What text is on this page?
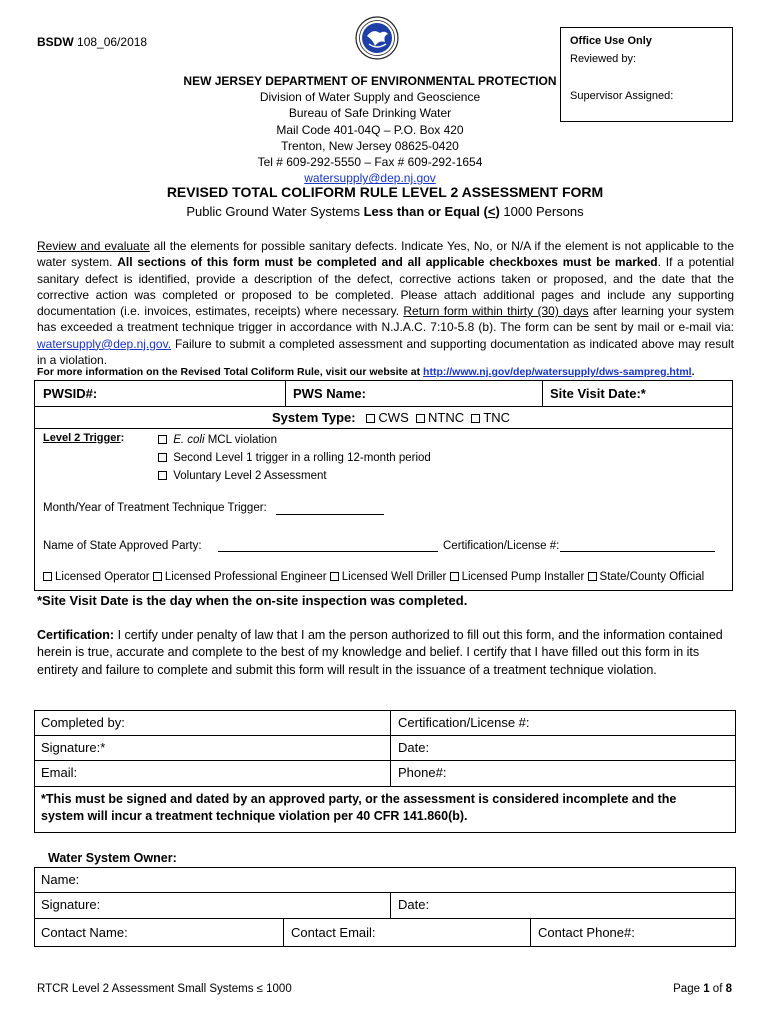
BSDW 108_06/2018	Office Use Only
Reviewed by:
Supervisor Assigned:
NEW JERSEY DEPARTMENT OF ENVIRONMENTAL PROTECTION
Division of Water Supply and Geoscience
Bureau of Safe Drinking Water
Mail Code 401-04Q – P.O. Box 420
Trenton, New Jersey 08625-0420
Tel # 609-292-5550 – Fax # 609-292-1654
watersupply@dep.nj.gov
REVISED TOTAL COLIFORM RULE LEVEL 2 ASSESSMENT FORM
Public Ground Water Systems Less than or Equal (<) 1000 Persons
Review and evaluate all the elements for possible sanitary defects. Indicate Yes, No, or N/A if the element is not applicable to the water system. All sections of this form must be completed and all applicable checkboxes must be marked. If a potential sanitary defect is identified, provide a description of the defect, corrective actions taken or proposed, and the date that the corrective action was completed or proposed to be completed. Please attach additional pages and include any supporting documentation (i.e. invoices, estimates, receipts) where necessary. Return form within thirty (30) days after learning your system has exceeded a treatment technique trigger in accordance with N.J.A.C. 7:10-5.8 (b). The form can be sent by mail or e-mail via: watersupply@dep.nj.gov. Failure to submit a completed assessment and supporting documentation as indicated above may result in a violation.
For more information on the Revised Total Coliform Rule, visit our website at http://www.nj.gov/dep/watersupply/dws-sampreg.html.
PWSID#:	PWS Name:	Site Visit Date:*
System Type: CWS NTNC TNC
Level 2 Trigger:	E. coli MCL violation
Second Level 1 trigger in a rolling 12-month period
Voluntary Level 2 Assessment
Month/Year of Treatment Technique Trigger:
Name of State Approved Party:	Certification/License #:
Licensed Operator Licensed Professional Engineer Licensed Well Driller Licensed Pump Installer State/County Official
*Site Visit Date is the day when the on-site inspection was completed.
Certification: I certify under penalty of law that I am the person authorized to fill out this form, and the information contained herein is true, accurate and complete to the best of my knowledge and belief. I certify that I have filled out this form in its entirety and failure to complete and submit this form will result in the issuance of a treatment technique violation.
Completed by:	Certification/License #:
Signature:*	Date:
Email:	Phone#:
*This must be signed and dated by an approved party, or the assessment is considered incomplete and the system will incur a treatment technique violation per 40 CFR 141.860(b).
Water System Owner:
Name:
Signature:	Date:
Contact Name:	Contact Email:	Contact Phone#:
RTCR Level 2 Assessment Small Systems ≤ 1000	Page 1 of 8
